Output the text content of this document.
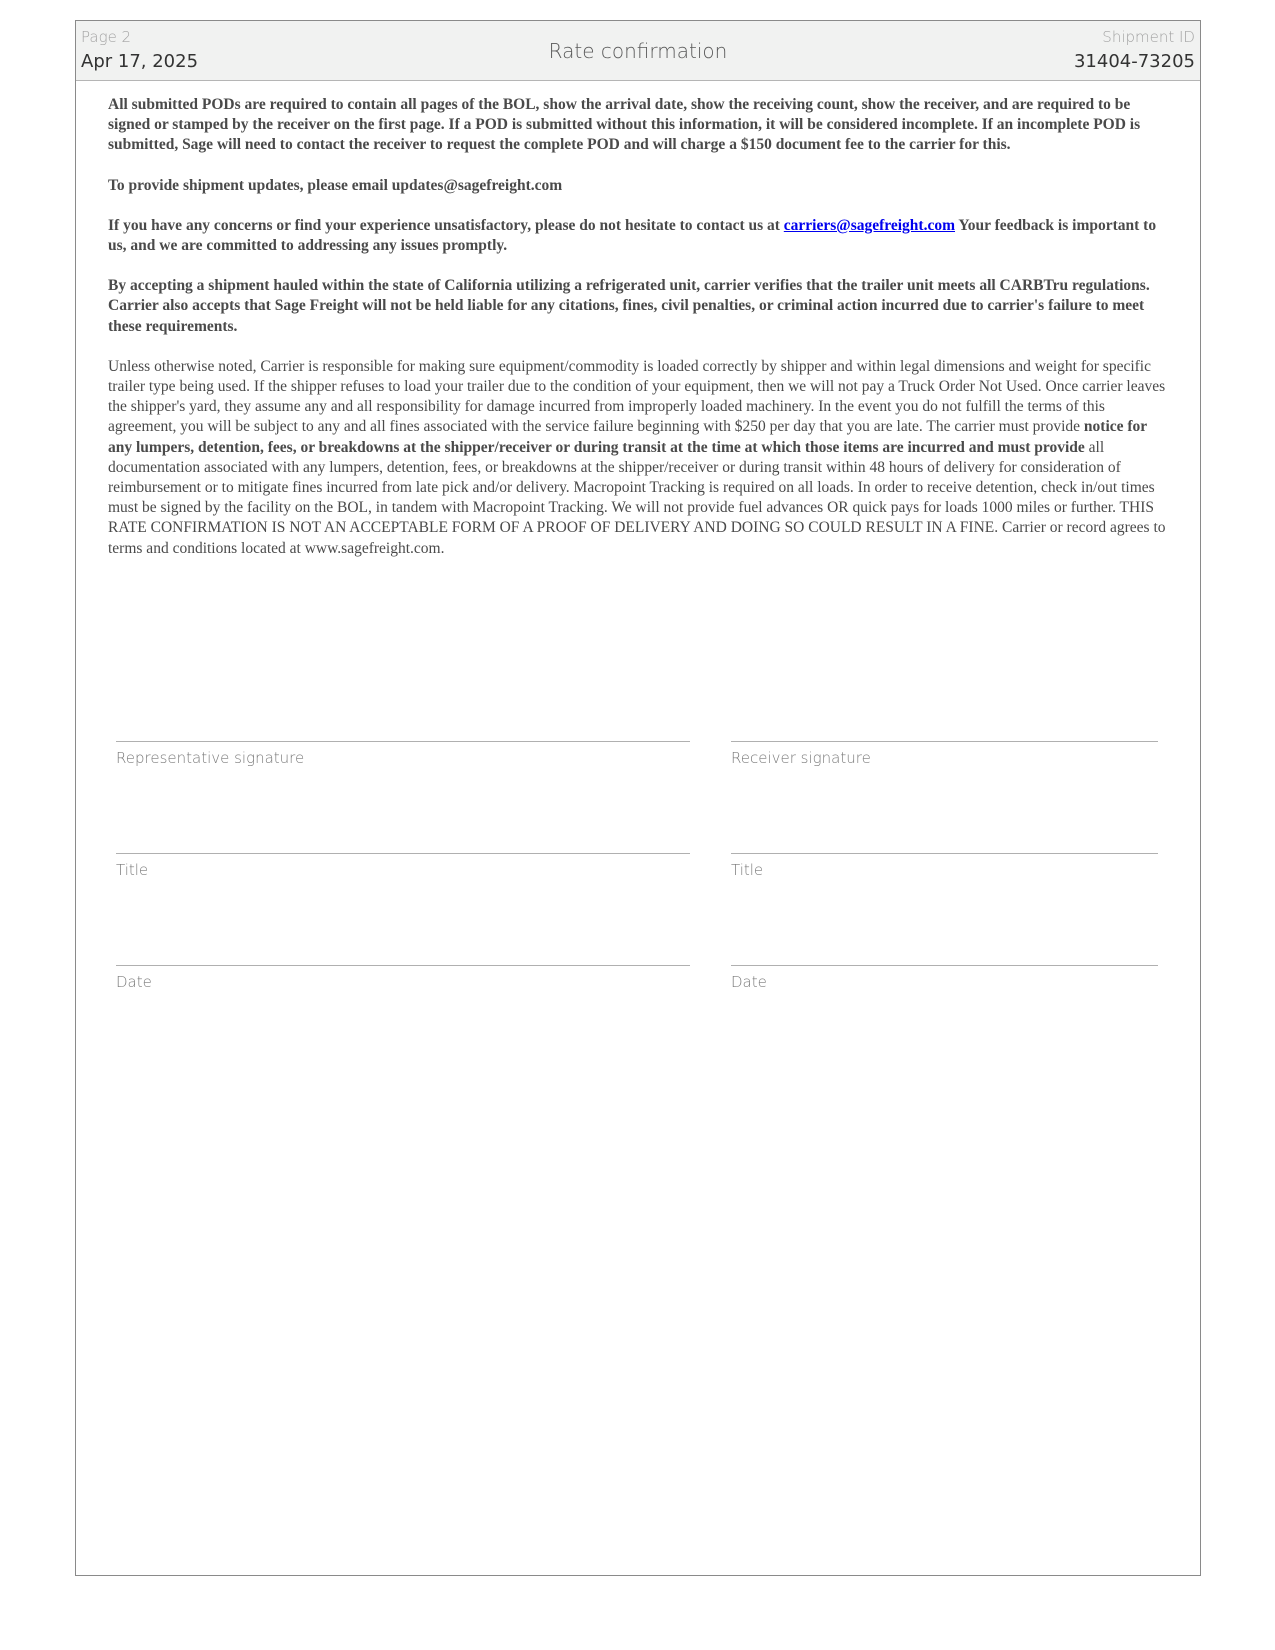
Page 2
Apr 17, 2025	Rate confirmation
Shipment ID
31404-73205

All submitted PODs are required to contain all pages of the BOL, show the arrival date, show the receiving count, show the receiver, and are required to be signed or stamped by the receiver on the first page. If a POD is submitted without this information, it will be considered incomplete. If an incomplete POD is submitted, Sage will need to contact the receiver to request the complete POD and will charge a $150 document fee to the carrier for this.

To provide shipment updates, please email updates@sagefreight.com

If you have any concerns or find your experience unsatisfactory, please do not hesitate to contact us at carriers@sagefreight.com Your feedback is important to us, and we are committed to addressing any issues promptly.

By accepting a shipment hauled within the state of California utilizing a refrigerated unit, carrier verifies that the trailer unit meets all CARBTru regulations. Carrier also accepts that Sage Freight will not be held liable for any citations, fines, civil penalties, or criminal action incurred due to carrier's failure to meet these requirements.

Unless otherwise noted, Carrier is responsible for making sure equipment/commodity is loaded correctly by shipper and within legal dimensions and weight for specific trailer type being used. If the shipper refuses to load your trailer due to the condition of your equipment, then we will not pay a Truck Order Not Used. Once carrier leaves the shipper's yard, they assume any and all responsibility for damage incurred from improperly loaded machinery. In the event you do not fulfill the terms of this agreement, you will be subject to any and all fines associated with the service failure beginning with $250 per day that you are late. The carrier must provide notice for any lumpers, detention, fees, or breakdowns at the shipper/receiver or during transit at the time at which those items are incurred and must provide all documentation associated with any lumpers, detention, fees, or breakdowns at the shipper/receiver or during transit within 48 hours of delivery for consideration of reimbursement or to mitigate fines incurred from late pick and/or delivery. Macropoint Tracking is required on all loads. In order to receive detention, check in/out times must be signed by the facility on the BOL, in tandem with Macropoint Tracking. We will not provide fuel advances OR quick pays for loads 1000 miles or further. THIS RATE CONFIRMATION IS NOT AN ACCEPTABLE FORM OF A PROOF OF DELIVERY AND DOING SO COULD RESULT IN A FINE. Carrier or record agrees to terms and conditions located at www.sagefreight.com.

Representative signature
Title
Date
Receiver signature
Title
Date
